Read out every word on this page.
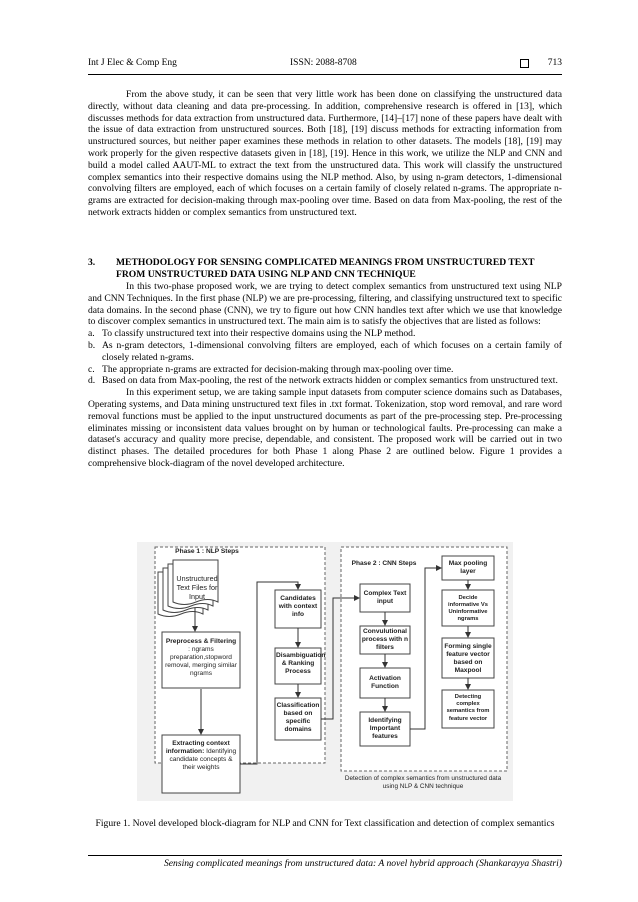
Int J Elec & Comp Eng	ISSN: 2088-8708	713

From the above study, it can be seen that very little work has been done on classifying the unstructured data directly, without data cleaning and data pre-processing. In addition, comprehensive research is offered in [13], which discusses methods for data extraction from unstructured data. Furthermore, [14]–[17] none of these papers have dealt with the issue of data extraction from unstructured sources. Both [18], [19] discuss methods for extracting information from unstructured sources, but neither paper examines these methods in relation to other datasets. The models [18], [19] may work properly for the given respective datasets given in [18], [19]. Hence in this work, we utilize the NLP and CNN and build a model called AAUT-ML to extract the text from the unstructured data. This work will classify the unstructured complex semantics into their respective domains using the NLP method. Also, by using n-gram detectors, 1-dimensional convolving filters are employed, each of which focuses on a certain family of closely related n-grams. The appropriate n-grams are extracted for decision-making through max-pooling over time. Based on data from Max-pooling, the rest of the network extracts hidden or complex semantics from unstructured text.

3. METHODOLOGY FOR SENSING COMPLICATED MEANINGS FROM UNSTRUCTURED TEXT FROM UNSTRUCTURED DATA USING NLP AND CNN TECHNIQUE

In this two-phase proposed work, we are trying to detect complex semantics from unstructured text using NLP and CNN Techniques. In the first phase (NLP) we are pre-processing, filtering, and classifying unstructured text to specific data domains. In the second phase (CNN), we try to figure out how CNN handles text after which we use that knowledge to discover complex semantics in unstructured text. The main aim is to satisfy the objectives that are listed as follows:

a. To classify unstructured text into their respective domains using the NLP method.
b. As n-gram detectors, 1-dimensional convolving filters are employed, each of which focuses on a certain family of closely related n-grams.
c. The appropriate n-grams are extracted for decision-making through max-pooling over time.
d. Based on data from Max-pooling, the rest of the network extracts hidden or complex semantics from unstructured text.

In this experiment setup, we are taking sample input datasets from computer science domains such as Databases, Operating systems, and Data mining unstructured text files in .txt format. Tokenization, stop word removal, and rare word removal functions must be applied to the input unstructured documents as part of the pre-processing step. Pre-processing eliminates missing or inconsistent data values brought on by human or technological faults. Pre-processing can make a dataset's accuracy and quality more precise, dependable, and consistent. The proposed work will be carried out in two distinct phases. The detailed procedures for both Phase 1 along Phase 2 are outlined below. Figure 1 provides a comprehensive block-diagram of the novel developed architecture.

Phase 1 : NLP Steps
Unstructured Text Files for Input
Preprocess & Filtering : ngrams preparation,stopword removal, merging similar ngrams
Extracting context information: Identifying candidate concepts & their weights
Candidates with context info
Disambiguation & Ranking Process
Classification based on specific domains
Phase 2 : CNN Steps
Complex Text input
Convulutional process with n filters
Activation Function
Identifying Important features
Max pooling layer
Decide informative Vs Uninformative ngrams
Forming single feature vector based on Maxpool
Detecting complex semantics from feature vector
Detection of complex semantics from unstructured data using NLP & CNN technique
Figure 1. Novel developed block-diagram for NLP and CNN for Text classification and detection of complex semantics
Sensing complicated meanings from unstructured data: A novel hybrid approach (Shankarayya Shastri)
